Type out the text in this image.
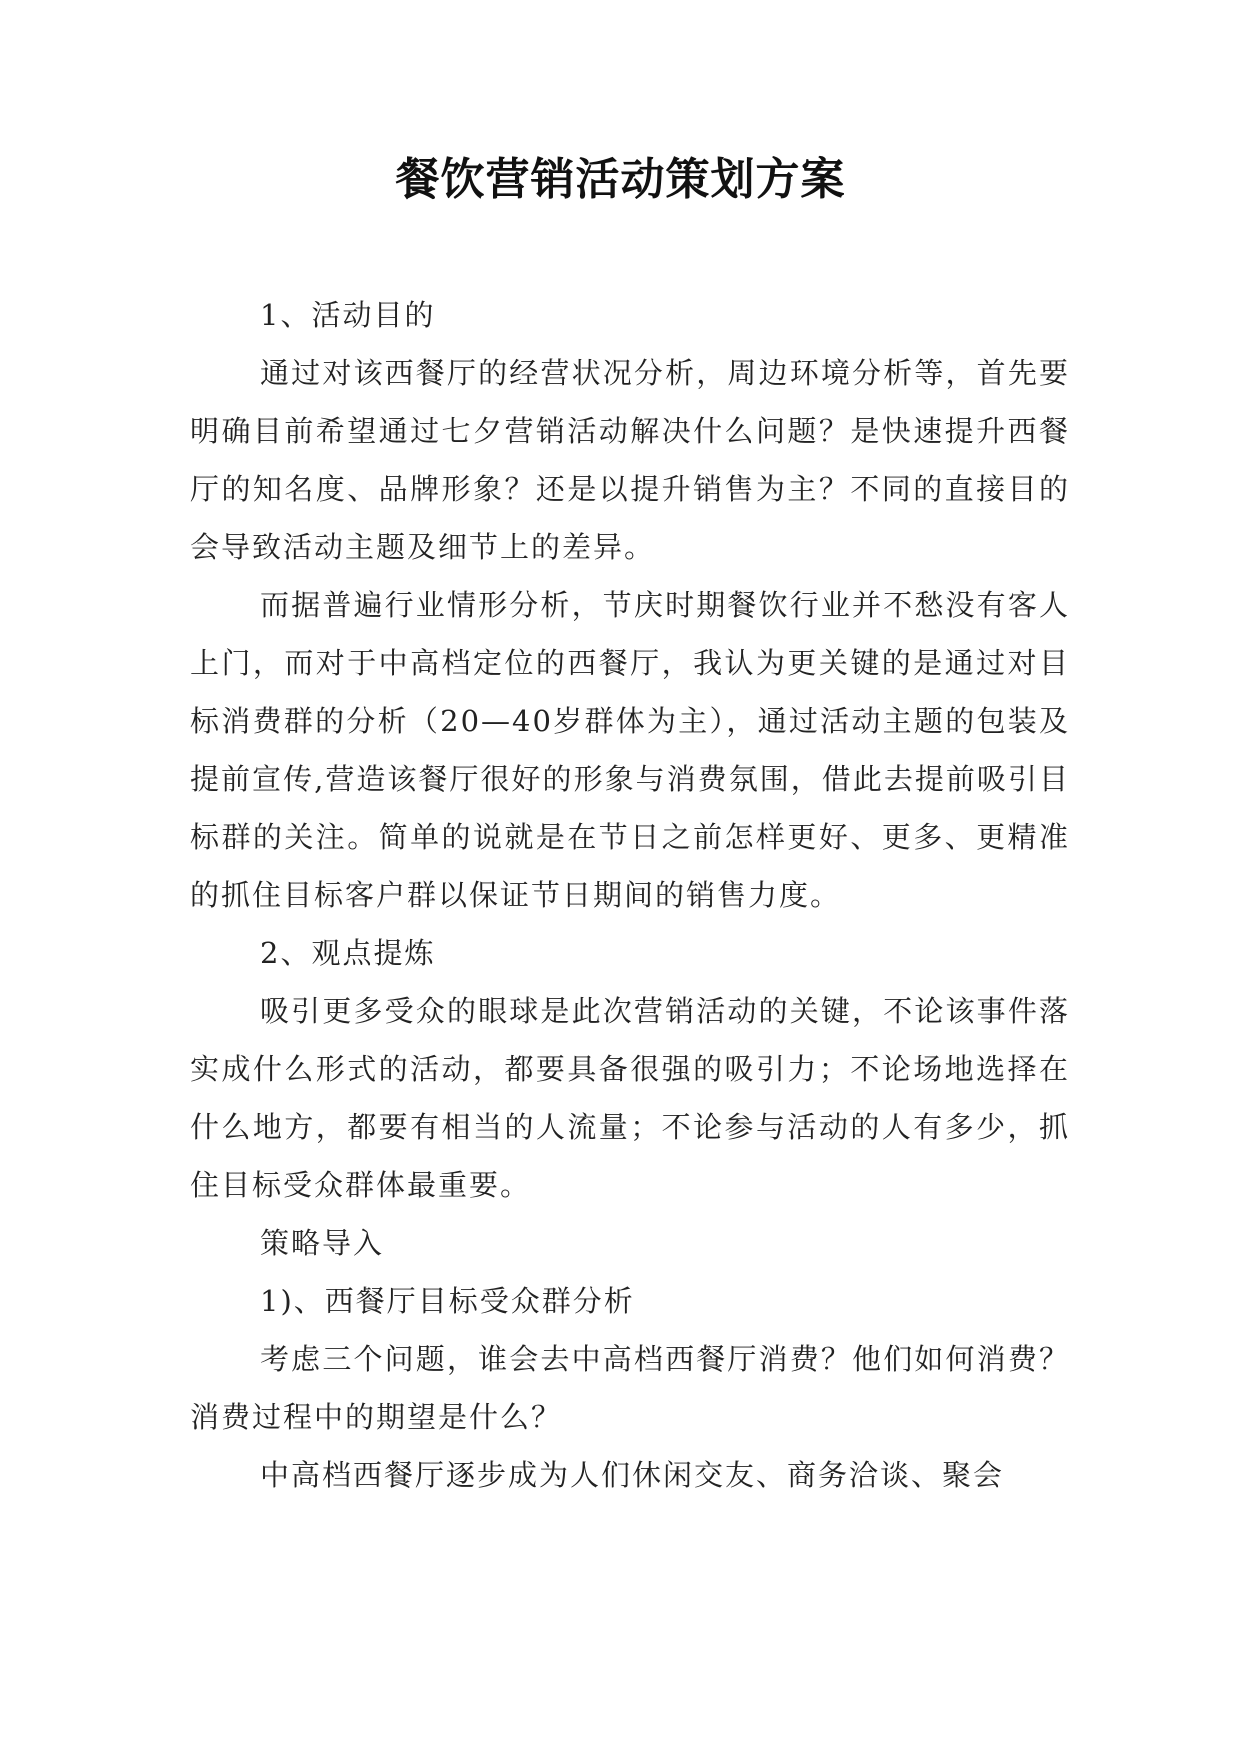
餐饮营销活动策划方案

1、活动目的

通过对该西餐厅的经营状况分析，周边环境分析等，首先要明确目前希望通过七夕营销活动解决什么问题？是快速提升西餐厅的知名度、品牌形象？还是以提升销售为主？不同的直接目的会导致活动主题及细节上的差异。

而据普遍行业情形分析，节庆时期餐饮行业并不愁没有客人上门，而对于中高档定位的西餐厅，我认为更关键的是通过对目标消费群的分析（20—40岁群体为主），通过活动主题的包装及提前宣传,营造该餐厅很好的形象与消费氛围，借此去提前吸引目标群的关注。简单的说就是在节日之前怎样更好、更多、更精准的抓住目标客户群以保证节日期间的销售力度。

2、观点提炼

吸引更多受众的眼球是此次营销活动的关键，不论该事件落实成什么形式的活动，都要具备很强的吸引力；不论场地选择在什么地方，都要有相当的人流量；不论参与活动的人有多少，抓住目标受众群体最重要。

策略导入

1)、西餐厅目标受众群分析

考虑三个问题，谁会去中高档西餐厅消费？他们如何消费？消费过程中的期望是什么？

中高档西餐厅逐步成为人们休闲交友、商务洽谈、聚会
